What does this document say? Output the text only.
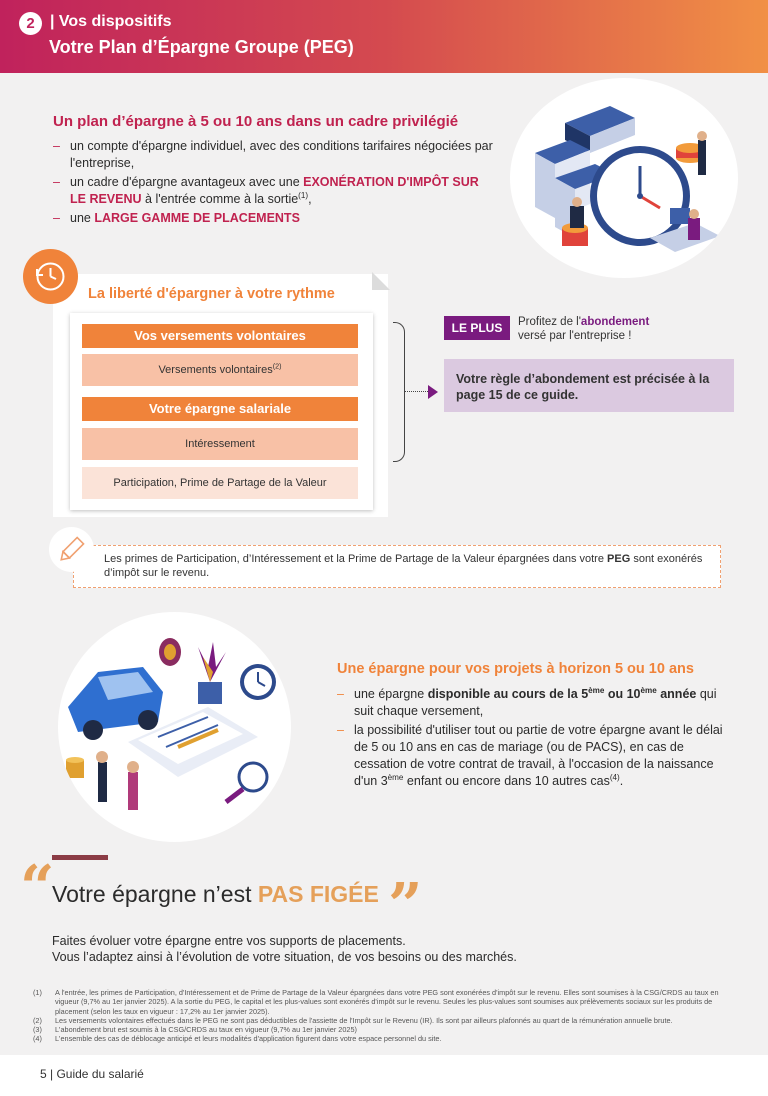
2 | Vos dispositifs
Votre Plan d’Épargne Groupe (PEG)
Un plan d’épargne à 5 ou 10 ans dans un cadre privilégié
– un compte d'épargne individuel, avec des conditions tarifaires négociées par l'entreprise,
– un cadre d'épargne avantageux avec une EXONÉRATION D'IMPÔT SUR LE REVENU à l'entrée comme à la sortie$^{(1)}$,
– une LARGE GAMME DE PLACEMENTS
La liberté d'épargner à votre rythme
Vos versements volontaires
Versements volontaires$^{(2)}$
Votre épargne salariale
Intéressement
Participation, Prime de Partage de la Valeur
LE PLUS	Profitez de l'abondement
versé par l'entreprise !
Votre règle d’abondement est précisée à la page 15 de ce guide.
Les primes de Participation, d’Intéressement et la Prime de Partage de la Valeur épargnées dans votre PEG sont exonérés d’impôt sur le revenu.
Une épargne pour vos projets à horizon 5 ou 10 ans
– une épargne disponible au cours de la 5ème ou 10ème année qui suit chaque versement,
– la possibilité d'utiliser tout ou partie de votre épargne avant le délai de 5 ou 10 ans en cas de mariage (ou de PACS), en cas de cessation de votre contrat de travail, à l'occasion de la naissance d'un 3ème enfant ou encore dans 10 autres cas$^{(4)}$.
“
Votre épargne n’est PAS FIGÉE ”
Faites évoluer votre épargne entre vos supports de placements.
Vous l’adaptez ainsi à l’évolution de votre situation, de vos besoins ou des marchés.
(1)	A l'entrée, les primes de Participation, d'Intéressement et de Prime de Partage de la Valeur épargnées dans votre PEG sont exonérées d'impôt sur le revenu. Elles sont soumises à la CSG/CRDS au taux en vigueur (9,7% au 1er janvier 2025). A la sortie du PEG, le capital et les plus-values sont exonérés d'impôt sur le revenu. Seules les plus-values sont soumises aux prélèvements sociaux sur les produits de placement (selon les taux en vigueur : 17,2% au 1er janvier 2025).
(2)	Les versements volontaires effectués dans le PEG ne sont pas déductibles de l'assiette de l'Impôt sur le Revenu (IR). Ils sont par ailleurs plafonnés au quart de la rémunération annuelle brute.
(3)	L'abondement brut est soumis à la CSG/CRDS au taux en vigueur (9,7% au 1er janvier 2025)
(4)	L'ensemble des cas de déblocage anticipé et leurs modalités d'application figurent dans votre espace personnel du site.
5 | Guide du salarié
